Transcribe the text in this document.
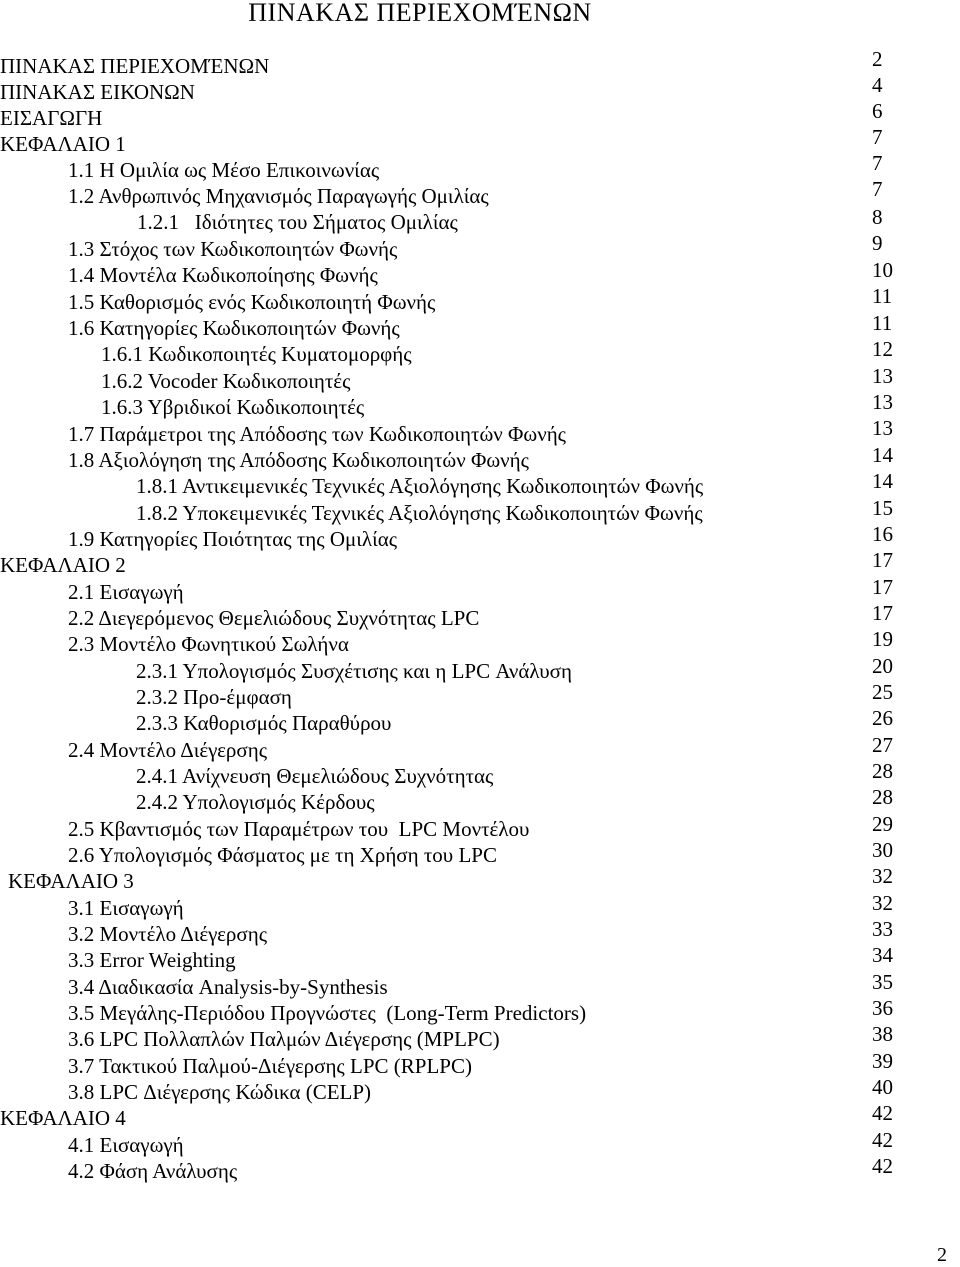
ΠΙΝΑΚΑΣ ΠΕΡΙΕΧΟΜΈΝΩΝ
ΠΙΝΑΚΑΣ ΠΕΡΙΕΧΟΜΈΝΩΝ	2
ΠΙΝΑΚΑΣ ΕΙΚΟΝΩΝ	4
ΕΙΣΑΓΩΓΗ	6
ΚΕΦΑΛΑΙΟ 1	7
1.1 Η Ομιλία ως Μέσο Επικοινωνίας	7
1.2 Ανθρωπινός Μηχανισμός Παραγωγής Ομιλίας	7
1.2.1   Ιδιότητες του Σήματος Ομιλίας	8
1.3 Στόχος των Κωδικοποιητών Φωνής	9
1.4 Μοντέλα Κωδικοποίησης Φωνής	10
1.5 Καθορισμός ενός Κωδικοποιητή Φωνής	11
1.6 Κατηγορίες Κωδικοποιητών Φωνής	11
1.6.1 Κωδικοποιητές Κυματομορφής	12
1.6.2 Vocoder Κωδικοποιητές	13
1.6.3 Υβριδικοί Κωδικοποιητές	13
1.7 Παράμετροι της Απόδοσης των Κωδικοποιητών Φωνής	13
1.8 Αξιολόγηση της Απόδοσης Κωδικοποιητών Φωνής	14
1.8.1 Αντικειμενικές Τεχνικές Αξιολόγησης Κωδικοποιητών Φωνής	14
1.8.2 Υποκειμενικές Τεχνικές Αξιολόγησης Κωδικοποιητών Φωνής	15
1.9 Κατηγορίες Ποιότητας της Ομιλίας	16
ΚΕΦΑΛΑΙΟ 2	17
2.1 Εισαγωγή	17
2.2 Διεγερόμενος Θεμελιώδους Συχνότητας LPC	17
2.3 Μοντέλο Φωνητικού Σωλήνα	19
2.3.1 Υπολογισμός Συσχέτισης και η LPC Ανάλυση	20
2.3.2 Προ-έμφαση	25
2.3.3 Καθορισμός Παραθύρου	26
2.4 Μοντέλο Διέγερσης	27
2.4.1 Ανίχνευση Θεμελιώδους Συχνότητας	28
2.4.2 Υπολογισμός Κέρδους	28
2.5 Κβαντισμός των Παραμέτρων του  LPC Μοντέλου	29
2.6 Υπολογισμός Φάσματος με τη Χρήση του LPC	30
ΚΕΦΑΛΑΙΟ 3	32
3.1 Εισαγωγή	32
3.2 Μοντέλο Διέγερσης	33
3.3 Error Weighting	34
3.4 Διαδικασία Analysis-by-Synthesis	35
3.5 Μεγάλης-Περιόδου Προγνώστες  (Long-Term Predictors)	36
3.6 LPC Πολλαπλών Παλμών Διέγερσης (MPLPC)	38
3.7 Τακτικού Παλμού-Διέγερσης LPC (RPLPC)	39
3.8 LPC Διέγερσης Κώδικα (CELP)	40
ΚΕΦΑΛΑΙΟ 4	42
4.1 Εισαγωγή	42
4.2 Φάση Ανάλυσης	42
2
